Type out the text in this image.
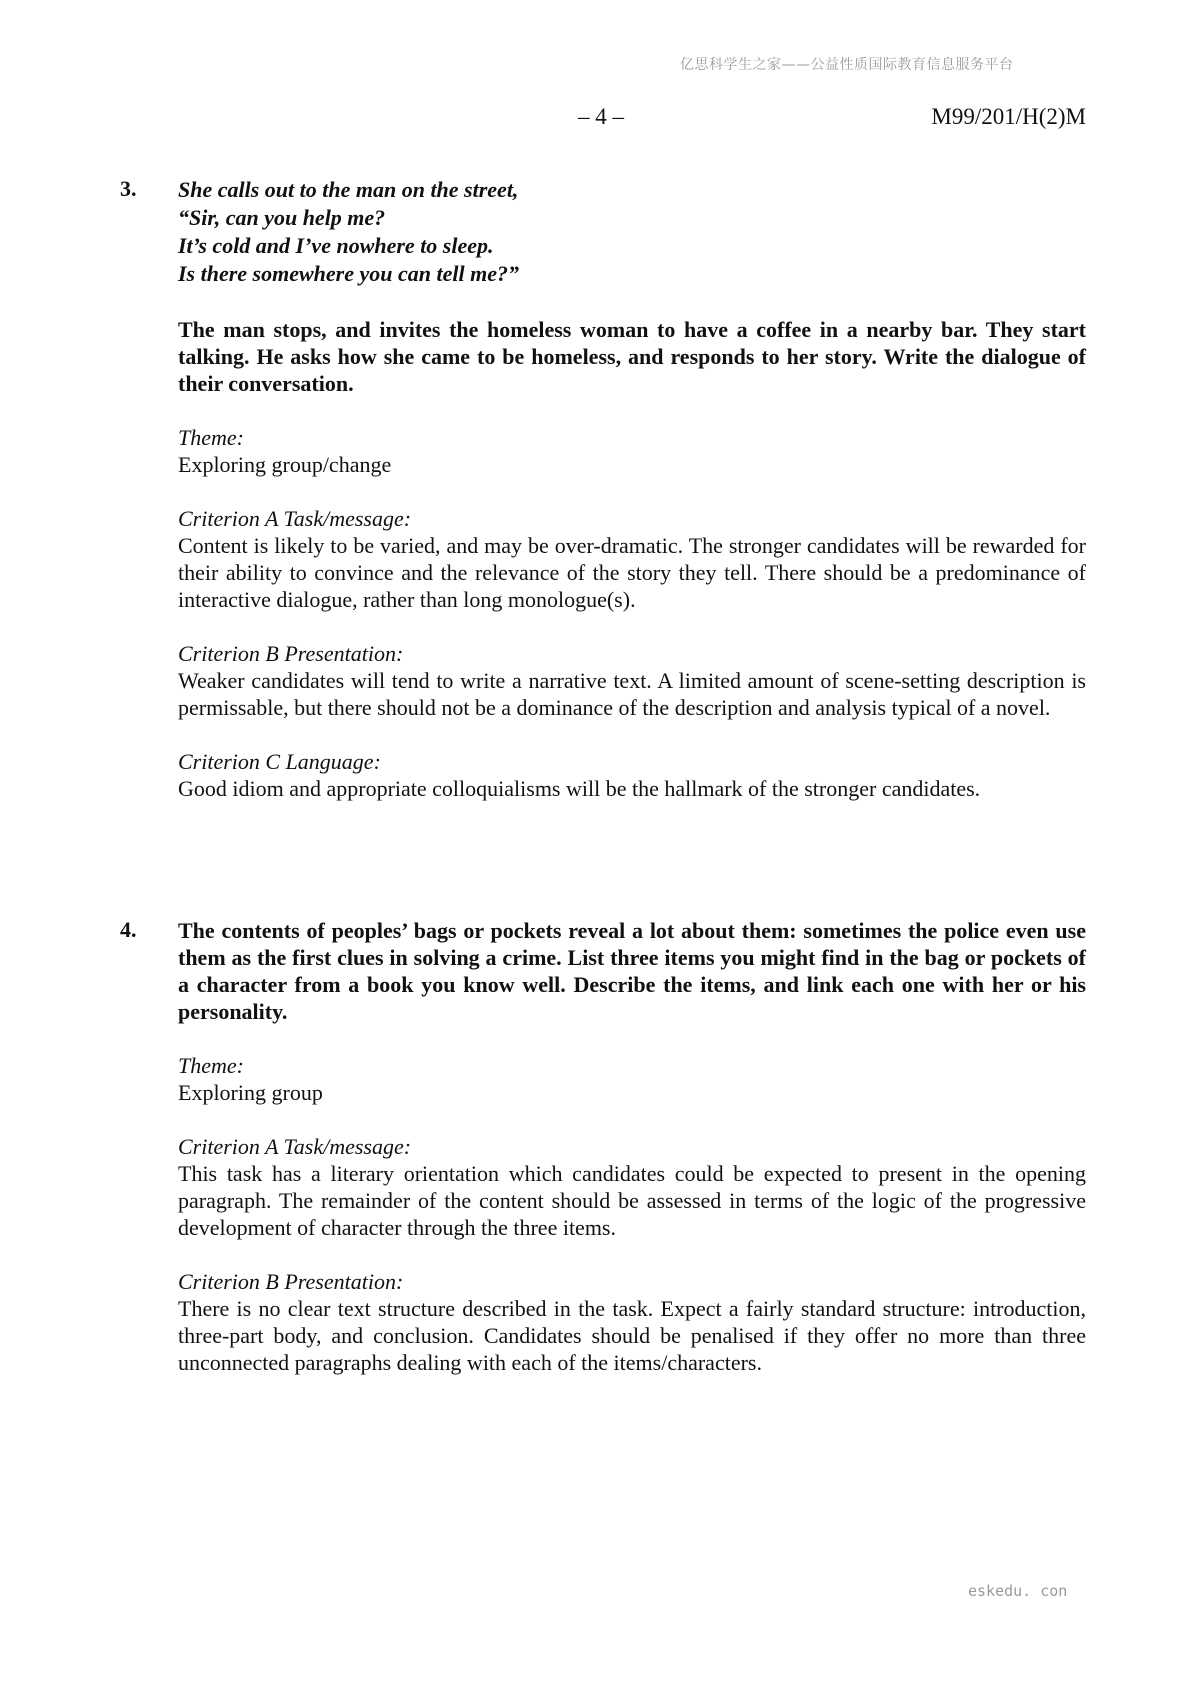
亿思科学生之家——公益性质国际教育信息服务平台
– 4 –	M99/201/H(2)M
3. She calls out to the man on the street,
“Sir, can you help me?
It’s cold and I’ve nowhere to sleep.
Is there somewhere you can tell me?”
The man stops, and invites the homeless woman to have a coffee in a nearby bar. They start talking. He asks how she came to be homeless, and responds to her story. Write the dialogue of their conversation.
Theme:
Exploring group/change
Criterion A Task/message:
Content is likely to be varied, and may be over-dramatic. The stronger candidates will be rewarded for their ability to convince and the relevance of the story they tell. There should be a predominance of interactive dialogue, rather than long monologue(s).
Criterion B Presentation:
Weaker candidates will tend to write a narrative text. A limited amount of scene-setting description is permissable, but there should not be a dominance of the description and analysis typical of a novel.
Criterion C Language:
Good idiom and appropriate colloquialisms will be the hallmark of the stronger candidates.
4. The contents of peoples’ bags or pockets reveal a lot about them: sometimes the police even use them as the first clues in solving a crime. List three items you might find in the bag or pockets of a character from a book you know well. Describe the items, and link each one with her or his personality.
Theme:
Exploring group
Criterion A Task/message:
This task has a literary orientation which candidates could be expected to present in the opening paragraph. The remainder of the content should be assessed in terms of the logic of the progressive development of character through the three items.
Criterion B Presentation:
There is no clear text structure described in the task. Expect a fairly standard structure: introduction, three-part body, and conclusion. Candidates should be penalised if they offer no more than three unconnected paragraphs dealing with each of the items/characters.
eskedu. con
